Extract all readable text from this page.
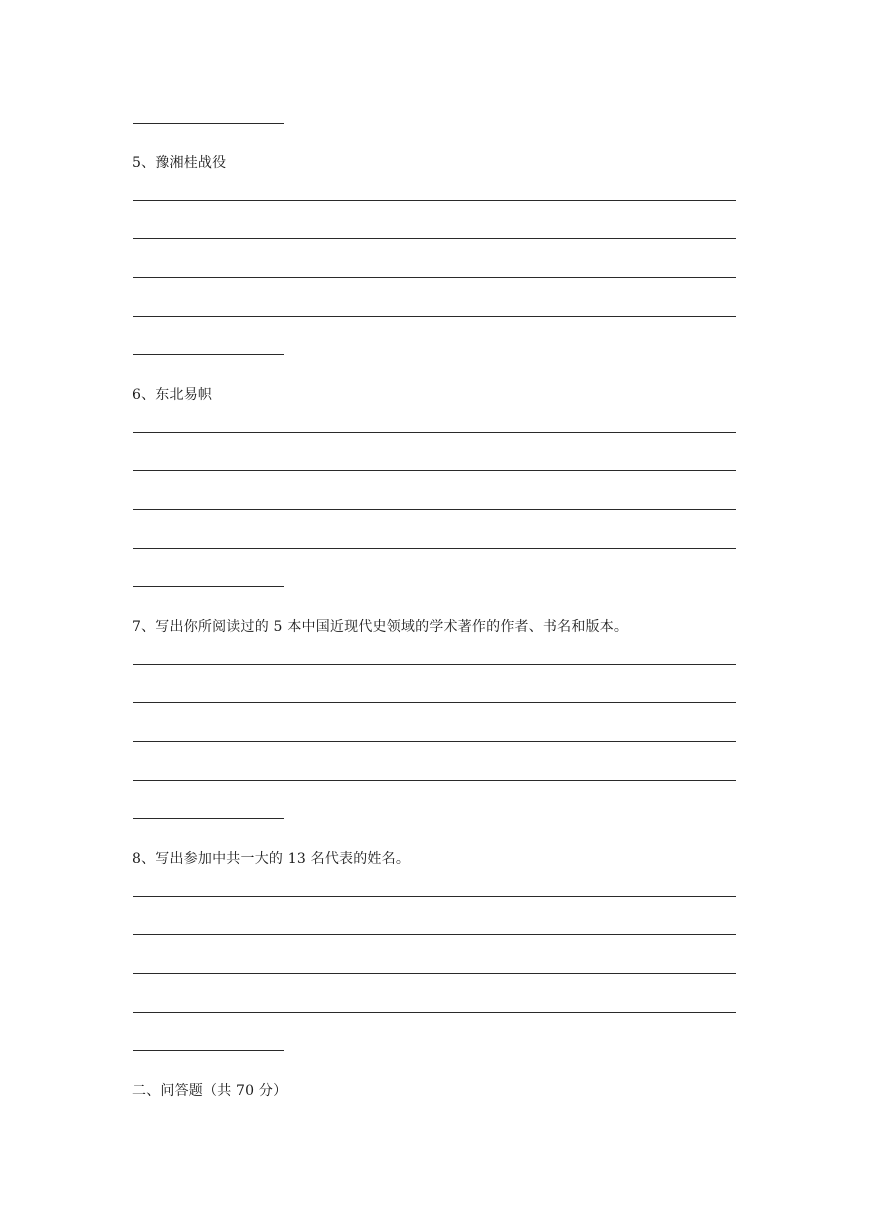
5、豫湘桂战役
6、东北易帜
7、写出你所阅读过的 5 本中国近现代史领域的学术著作的作者、书名和版本。
8、写出参加中共一大的 13 名代表的姓名。
二、问答题（共 70 分）
